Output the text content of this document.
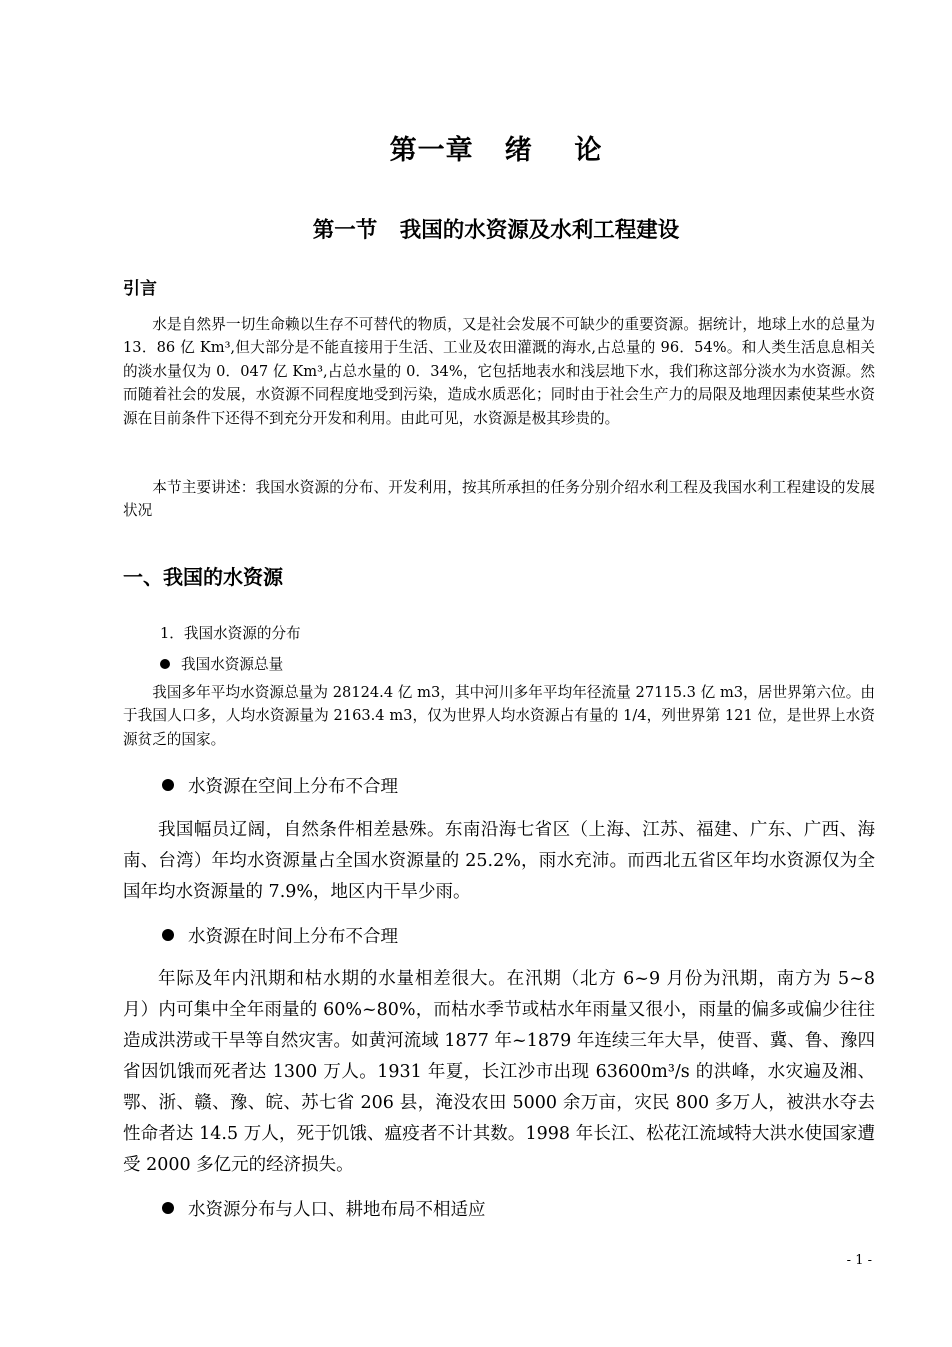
第一章   绪    论
第一节   我国的水资源及水利工程建设
引言

水是自然界一切生命赖以生存不可替代的物质，又是社会发展不可缺少的重要资源。据统计，地球上水的总量为 13．86 亿 Km³,但大部分是不能直接用于生活、工业及农田灌溉的海水,占总量的 96．54%。和人类生活息息相关的淡水量仅为 0．047 亿 Km³,占总水量的 0．34%，它包括地表水和浅层地下水，我们称这部分淡水为水资源。然而随着社会的发展，水资源不同程度地受到污染，造成水质恶化；同时由于社会生产力的局限及地理因素使某些水资源在目前条件下还得不到充分开发和利用。由此可见，水资源是极其珍贵的。

本节主要讲述：我国水资源的分布、开发利用，按其所承担的任务分别介绍水利工程及我国水利工程建设的发展状况

一、我国的水资源
1．我国水资源的分布
我国水资源总量

我国多年平均水资源总量为 28124.4 亿 m3，其中河川多年平均年径流量 27115.3 亿 m3，居世界第六位。由于我国人口多，人均水资源量为 2163.4 m3，仅为世界人均水资源占有量的 1/4，列世界第 121 位，是世界上水资源贫乏的国家。

水资源在空间上分布不合理

我国幅员辽阔，自然条件相差悬殊。东南沿海七省区（上海、江苏、福建、广东、广西、海南、台湾）年均水资源量占全国水资源量的 25.2%，雨水充沛。而西北五省区年均水资源仅为全国年均水资源量的 7.9%，地区内干旱少雨。

水资源在时间上分布不合理

年际及年内汛期和枯水期的水量相差很大。在汛期（北方 6~9 月份为汛期，南方为 5~8 月）内可集中全年雨量的 60%~80%，而枯水季节或枯水年雨量又很小，雨量的偏多或偏少往往造成洪涝或干旱等自然灾害。如黄河流域 1877 年~1879 年连续三年大旱，使晋、冀、鲁、豫四省因饥饿而死者达 1300 万人。1931 年夏，长江沙市出现 63600m³/s 的洪峰，水灾遍及湘、鄂、浙、赣、豫、皖、苏七省 206 县，淹没农田 5000 余万亩，灾民 800 多万人，被洪水夺去性命者达 14.5 万人，死于饥饿、瘟疫者不计其数。1998 年长江、松花江流域特大洪水使国家遭受 2000 多亿元的经济损失。

水资源分布与人口、耕地布局不相适应
- 1 -
